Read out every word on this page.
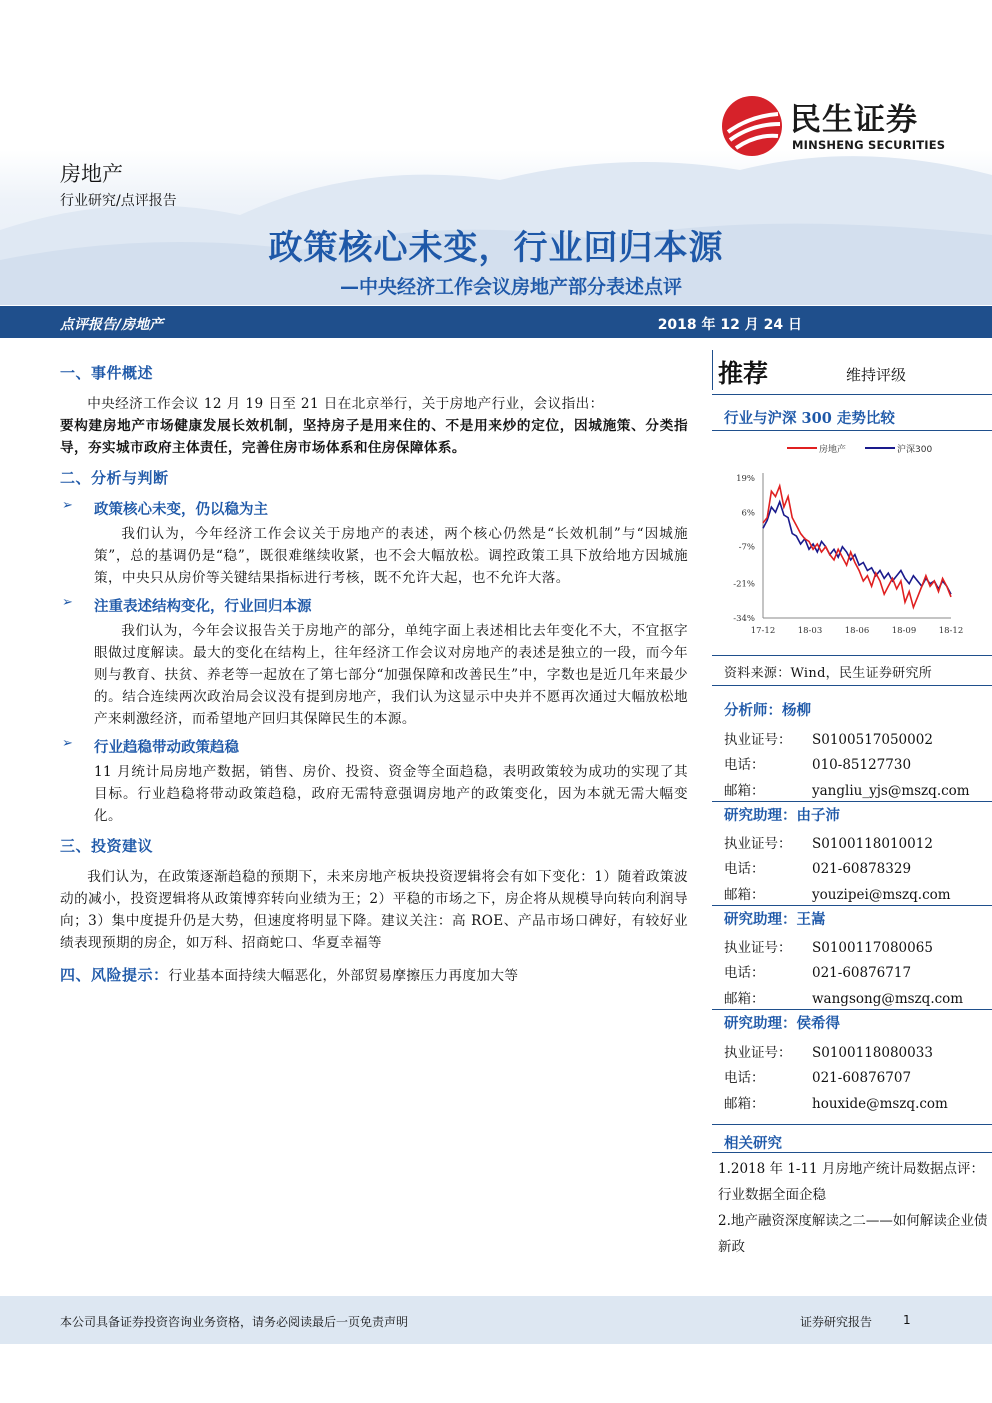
民生证券
MINSHENG SECURITIES
房地产
行业研究/点评报告
政策核心未变，行业回归本源
—中央经济工作会议房地产部分表述点评
点评报告/房地产	2018 年 12 月 24 日
一、事件概述
中央经济工作会议 12 月 19 日至 21 日在北京举行，关于房地产行业，会议指出：
要构建房地产市场健康发展长效机制，坚持房子是用来住的、不是用来炒的定位，因城施策、分类指导，夯实城市政府主体责任，完善住房市场体系和住房保障体系。
二、分析与判断
➢ 政策核心未变，仍以稳为主
我们认为，今年经济工作会议关于房地产的表述，两个核心仍然是“长效机制”与“因城施策”，总的基调仍是“稳”，既很难继续收紧，也不会大幅放松。调控政策工具下放给地方因城施策，中央只从房价等关键结果指标进行考核，既不允许大起，也不允许大落。
➢ 注重表述结构变化，行业回归本源
我们认为，今年会议报告关于房地产的部分，单纯字面上表述相比去年变化不大，不宜抠字眼做过度解读。最大的变化在结构上，往年经济工作会议对房地产的表述是独立的一段，而今年则与教育、扶贫、养老等一起放在了第七部分“加强保障和改善民生”中，字数也是近几年来最少的。结合连续两次政治局会议没有提到房地产，我们认为这显示中央并不愿再次通过大幅放松地产来刺激经济，而希望地产回归其保障民生的本源。
➢ 行业趋稳带动政策趋稳
11 月统计局房地产数据，销售、房价、投资、资金等全面趋稳，表明政策较为成功的实现了其目标。行业趋稳将带动政策趋稳，政府无需特意强调房地产的政策变化，因为本就无需大幅变化。
三、投资建议
我们认为，在政策逐渐趋稳的预期下，未来房地产板块投资逻辑将会有如下变化：1）随着政策波动的减小，投资逻辑将从政策博弈转向业绩为王；2）平稳的市场之下，房企将从规模导向转向利润导向；3）集中度提升仍是大势，但速度将明显下降。建议关注：高 ROE、产品市场口碑好，有较好业绩表现预期的房企，如万科、招商蛇口、华夏幸福等
四、风险提示：行业基本面持续大幅恶化，外部贸易摩擦压力再度加大等
推荐	维持评级
行业与沪深 300 走势比较
房地产	沪深300
19%
6%
-7%
-21%
-34%
17-12	18-03	18-06	18-09	18-12
资料来源：Wind，民生证券研究所
分析师：杨柳
执业证号： S0100517050002
电话：	010-85127730
邮箱：	yangliu_yjs@mszq.com
研究助理：由子沛
执业证号： S0100118010012
电话：	021-60878329
邮箱：	youzipei@mszq.com
研究助理：王嵩
执业证号： S0100117080065
电话：	021-60876717
邮箱：	wangsong@mszq.com
研究助理：侯希得
执业证号： S0100118080033
电话：	021-60876707
邮箱：	houxide@mszq.com
相关研究
1.2018 年 1-11 月房地产统计局数据点评：行业数据全面企稳
2.地产融资深度解读之二——如何解读企业债新政
本公司具备证券投资咨询业务资格，请务必阅读最后一页免责声明	证券研究报告	1
